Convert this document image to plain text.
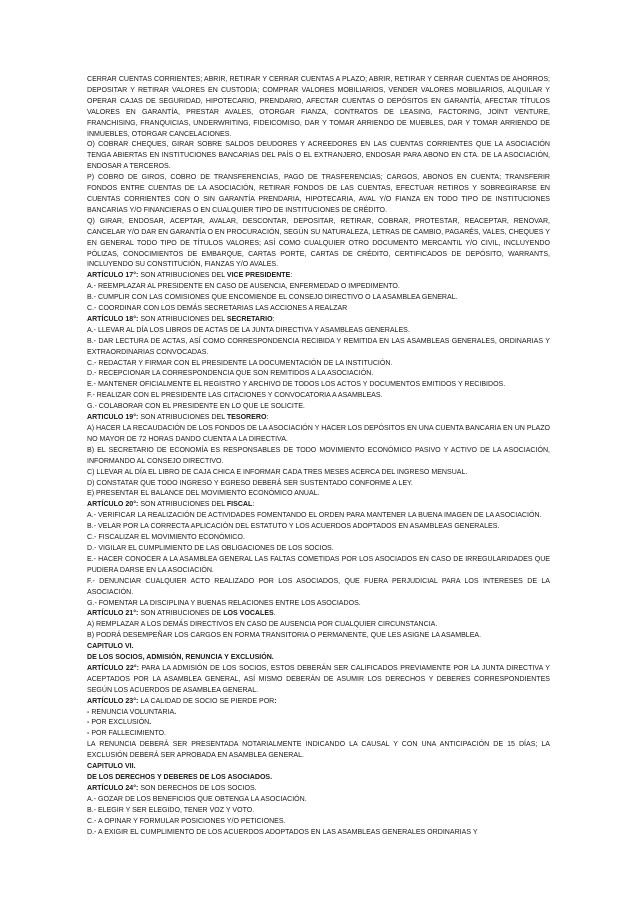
CERRAR CUENTAS CORRIENTES; ABRIR, RETIRAR Y CERRAR CUENTAS A PLAZO; ABRIR, RETIRAR Y CERRAR CUENTAS DE AHORROS; DEPOSITAR Y RETIRAR VALORES EN CUSTODIA; COMPRAR VALORES MOBILIARIOS, VENDER VALORES MOBILIARIOS, ALQUILAR Y OPERAR CAJAS DE SEGURIDAD, HIPOTECARIO, PRENDARIO, AFECTAR CUENTAS O DEPÓSITOS EN GARANTÍA, AFECTAR TÍTULOS VALORES EN GARANTÍA, PRESTAR AVALES, OTORGAR FIANZA, CONTRATOS DE LEASING, FACTORING, JOINT VENTURE, FRANCHISING, FRANQUICIAS, UNDERWRITING, FIDEICOMISO, DAR Y TOMAR ARRIENDO DE MUEBLES, DAR Y TOMAR ARRIENDO DE INMUEBLES, OTORGAR CANCELACIONES.

O) COBRAR CHEQUES, GIRAR SOBRE SALDOS DEUDORES Y ACREEDORES EN LAS CUENTAS CORRIENTES QUE LA ASOCIACIÓN TENGA ABIERTAS EN INSTITUCIONES BANCARIAS DEL PAÍS O EL EXTRANJERO, ENDOSAR PARA ABONO EN CTA. DE LA ASOCIACIÓN, ENDOSAR A TERCEROS.

P) COBRO DE GIROS, COBRO DE TRANSFERENCIAS, PAGO DE TRASFERENCIAS; CARGOS, ABONOS EN CUENTA; TRANSFERIR FONDOS ENTRE CUENTAS DE LA ASOCIACIÓN, RETIRAR FONDOS DE LAS CUENTAS, EFECTUAR RETIROS Y SOBREGIRARSE EN CUENTAS CORRIENTES CON O SIN GARANTÍA PRENDARIA, HIPOTECARIA, AVAL Y/O FIANZA EN TODO TIPO DE INSTITUCIONES BANCARIAS Y/O FINANCIERAS O EN CUALQUIER TIPO DE INSTITUCIONES DE CRÉDITO.

Q) GIRAR, ENDOSAR, ACEPTAR, AVALAR, DESCONTAR, DEPOSITAR, RETIRAR, COBRAR, PROTESTAR, REACEPTAR, RENOVAR, CANCELAR Y/O DAR EN GARANTÍA O EN PROCURACIÓN, SEGÚN SU NATURALEZA, LETRAS DE CAMBIO, PAGARÉS, VALES, CHEQUES Y EN GENERAL TODO TIPO DE TÍTULOS VALORES; ASÍ COMO CUALQUIER OTRO DOCUMENTO MERCANTIL Y/O CIVIL, INCLUYENDO PÓLIZAS, CONOCIMIENTOS DE EMBARQUE, CARTAS PORTE, CARTAS DE CRÉDITO, CERTIFICADOS DE DEPÓSITO, WARRANTS, INCLUYENDO SU CONSTITUCIÓN, FIANZAS Y/O AVALES.

ARTÍCULO 17°: SON ATRIBUCIONES DEL VICE PRESIDENTE:

A.- REEMPLAZAR AL PRESIDENTE EN CASO DE AUSENCIA, ENFERMEDAD O IMPEDIMENTO.

B.- CUMPLIR CON LAS COMISIONES QUE ENCOMIENDE EL CONSEJO DIRECTIVO O LA ASAMBLEA GENERAL.

C.- COORDINAR CON LOS DEMÁS SECRETARIAS LAS ACCIONES A REALZAR

ARTÍCULO 18°: SON ATRIBUCIONES DEL SECRETARIO:

A.- LLEVAR AL DÍA LOS LIBROS DE ACTAS DE LA JUNTA DIRECTIVA Y ASAMBLEAS GENERALES.

B.- DAR LECTURA DE ACTAS, ASÍ COMO CORRESPONDENCIA RECIBIDA Y REMITIDA EN LAS ASAMBLEAS GENERALES, ORDINARIAS Y EXTRAORDINARIAS CONVOCADAS.

C.- REDACTAR Y FIRMAR CON EL PRESIDENTE LA DOCUMENTACIÓN DE LA INSTITUCIÓN.

D.- RECEPCIONAR LA CORRESPONDENCIA QUE SON REMITIDOS A LA ASOCIACIÓN.

E.- MANTENER OFICIALMENTE EL REGISTRO Y ARCHIVO DE TODOS LOS ACTOS Y DOCUMENTOS EMITIDOS Y RECIBIDOS.

F.- REALIZAR CON EL PRESIDENTE LAS CITACIONES Y CONVOCATORIA A ASAMBLEAS.

G.- COLABORAR CON EL PRESIDENTE EN LO QUE LE SOLICITE.

ARTICULO 19°: SON ATRIBUCIONES DEL TESORERO:

A) HACER LA RECAUDACIÓN DE LOS FONDOS DE LA ASOCIACIÓN Y HACER LOS DEPÓSITOS EN UNA CUENTA BANCARIA EN UN PLAZO NO MAYOR DE 72 HORAS DANDO CUENTA A LA DIRECTIVA.

B) EL SECRETARIO DE ECONOMÍA ES RESPONSABLES DE TODO MOVIMIENTO ECONÓMICO PASIVO Y ACTIVO DE LA ASOCIACIÓN, INFORMANDO AL CONSEJO DIRECTIVO.

C) LLEVAR AL DÍA EL LIBRO DE CAJA CHICA E INFORMAR CADA TRES MESES ACERCA DEL INGRESO MENSUAL.

D) CONSTATAR QUE TODO INGRESO Y EGRESO DEBERÁ SER SUSTENTADO CONFORME A LEY.

E) PRESENTAR EL BALANCE DEL MOVIMIENTO ECONÓMICO ANUAL.

ARTÍCULO 20°: SON ATRIBUCIONES DEL FISCAL:

A.- VERIFICAR LA REALIZACIÓN DE ACTIVIDADES FOMENTANDO EL ORDEN PARA MANTENER LA BUENA IMAGEN DE LA ASOCIACIÓN.

B.- VELAR POR LA CORRECTA APLICACIÓN DEL ESTATUTO Y LOS ACUERDOS ADOPTADOS EN ASAMBLEAS GENERALES.

C.- FISCALIZAR EL MOVIMIENTO ECONÓMICO.

D.- VIGILAR EL CUMPLIMIENTO DE LAS OBLIGACIONES DE LOS SOCIOS.

E.- HACER CONOCER A LA ASAMBLEA GENERAL LAS FALTAS COMETIDAS POR LOS ASOCIADOS EN CASO DE IRREGULARIDADES QUE PUDIERA DARSE EN LA ASOCIACIÓN.

F.- DENUNCIAR CUALQUIER ACTO REALIZADO POR LOS ASOCIADOS, QUE FUERA PERJUDICIAL PARA LOS INTERESES DE LA ASOCIACIÓN.

G.- FOMENTAR LA DISCIPLINA Y BUENAS RELACIONES ENTRE LOS ASOCIADOS.

ARTÍCULO 21°: SON ATRIBUCIONES DE LOS VOCALES.

A) REMPLAZAR A LOS DEMÁS DIRECTIVOS EN CASO DE AUSENCIA POR CUALQUIER CIRCUNSTANCIA.

B) PODRÁ DESEMPEÑAR LOS CARGOS EN FORMA TRANSITORIA O PERMANENTE, QUE LES ASIGNE LA ASAMBLEA.

CAPITULO VI.

DE LOS SOCIOS, ADMISIÓN, RENUNCIA Y EXCLUSIÓN.

ARTÍCULO 22°: PARA LA ADMISIÓN DE LOS SOCIOS, ESTOS DEBERÁN SER CALIFICADOS PREVIAMENTE POR LA JUNTA DIRECTIVA Y ACEPTADOS POR LA ASAMBLEA GENERAL, ASÍ MISMO DEBERÁN DE ASUMIR LOS DERECHOS Y DEBERES CORRESPONDIENTES SEGÚN LOS ACUERDOS DE ASAMBLEA GENERAL.

ARTÍCULO 23°: LA CALIDAD DE SOCIO SE PIERDE POR:

- RENUNCIA VOLUNTARIA.

- POR EXCLUSIÓN.

- POR FALLECIMIENTO.

LA RENUNCIA DEBERÁ SER PRESENTADA NOTARIALMENTE INDICANDO LA CAUSAL Y CON UNA ANTICIPACIÓN DE 15 DÍAS; LA EXCLUSIÓN DEBERÁ SER APROBADA EN ASAMBLEA GENERAL.

CAPITULO VII.

DE LOS DERECHOS Y DEBERES DE LOS ASOCIADOS.

ARTÍCULO 24°: SON DERECHOS DE LOS SOCIOS.

A.- GOZAR DE LOS BENEFICIOS QUE OBTENGA LA ASOCIACIÓN.

B.- ELEGIR Y SER ELEGIDO, TENER VOZ Y VOTO.

C.- A OPINAR Y FORMULAR POSICIONES Y/O PETICIONES.

D.- A EXIGIR EL CUMPLIMIENTO DE LOS ACUERDOS ADOPTADOS EN LAS ASAMBLEAS GENERALES ORDINARIAS Y
